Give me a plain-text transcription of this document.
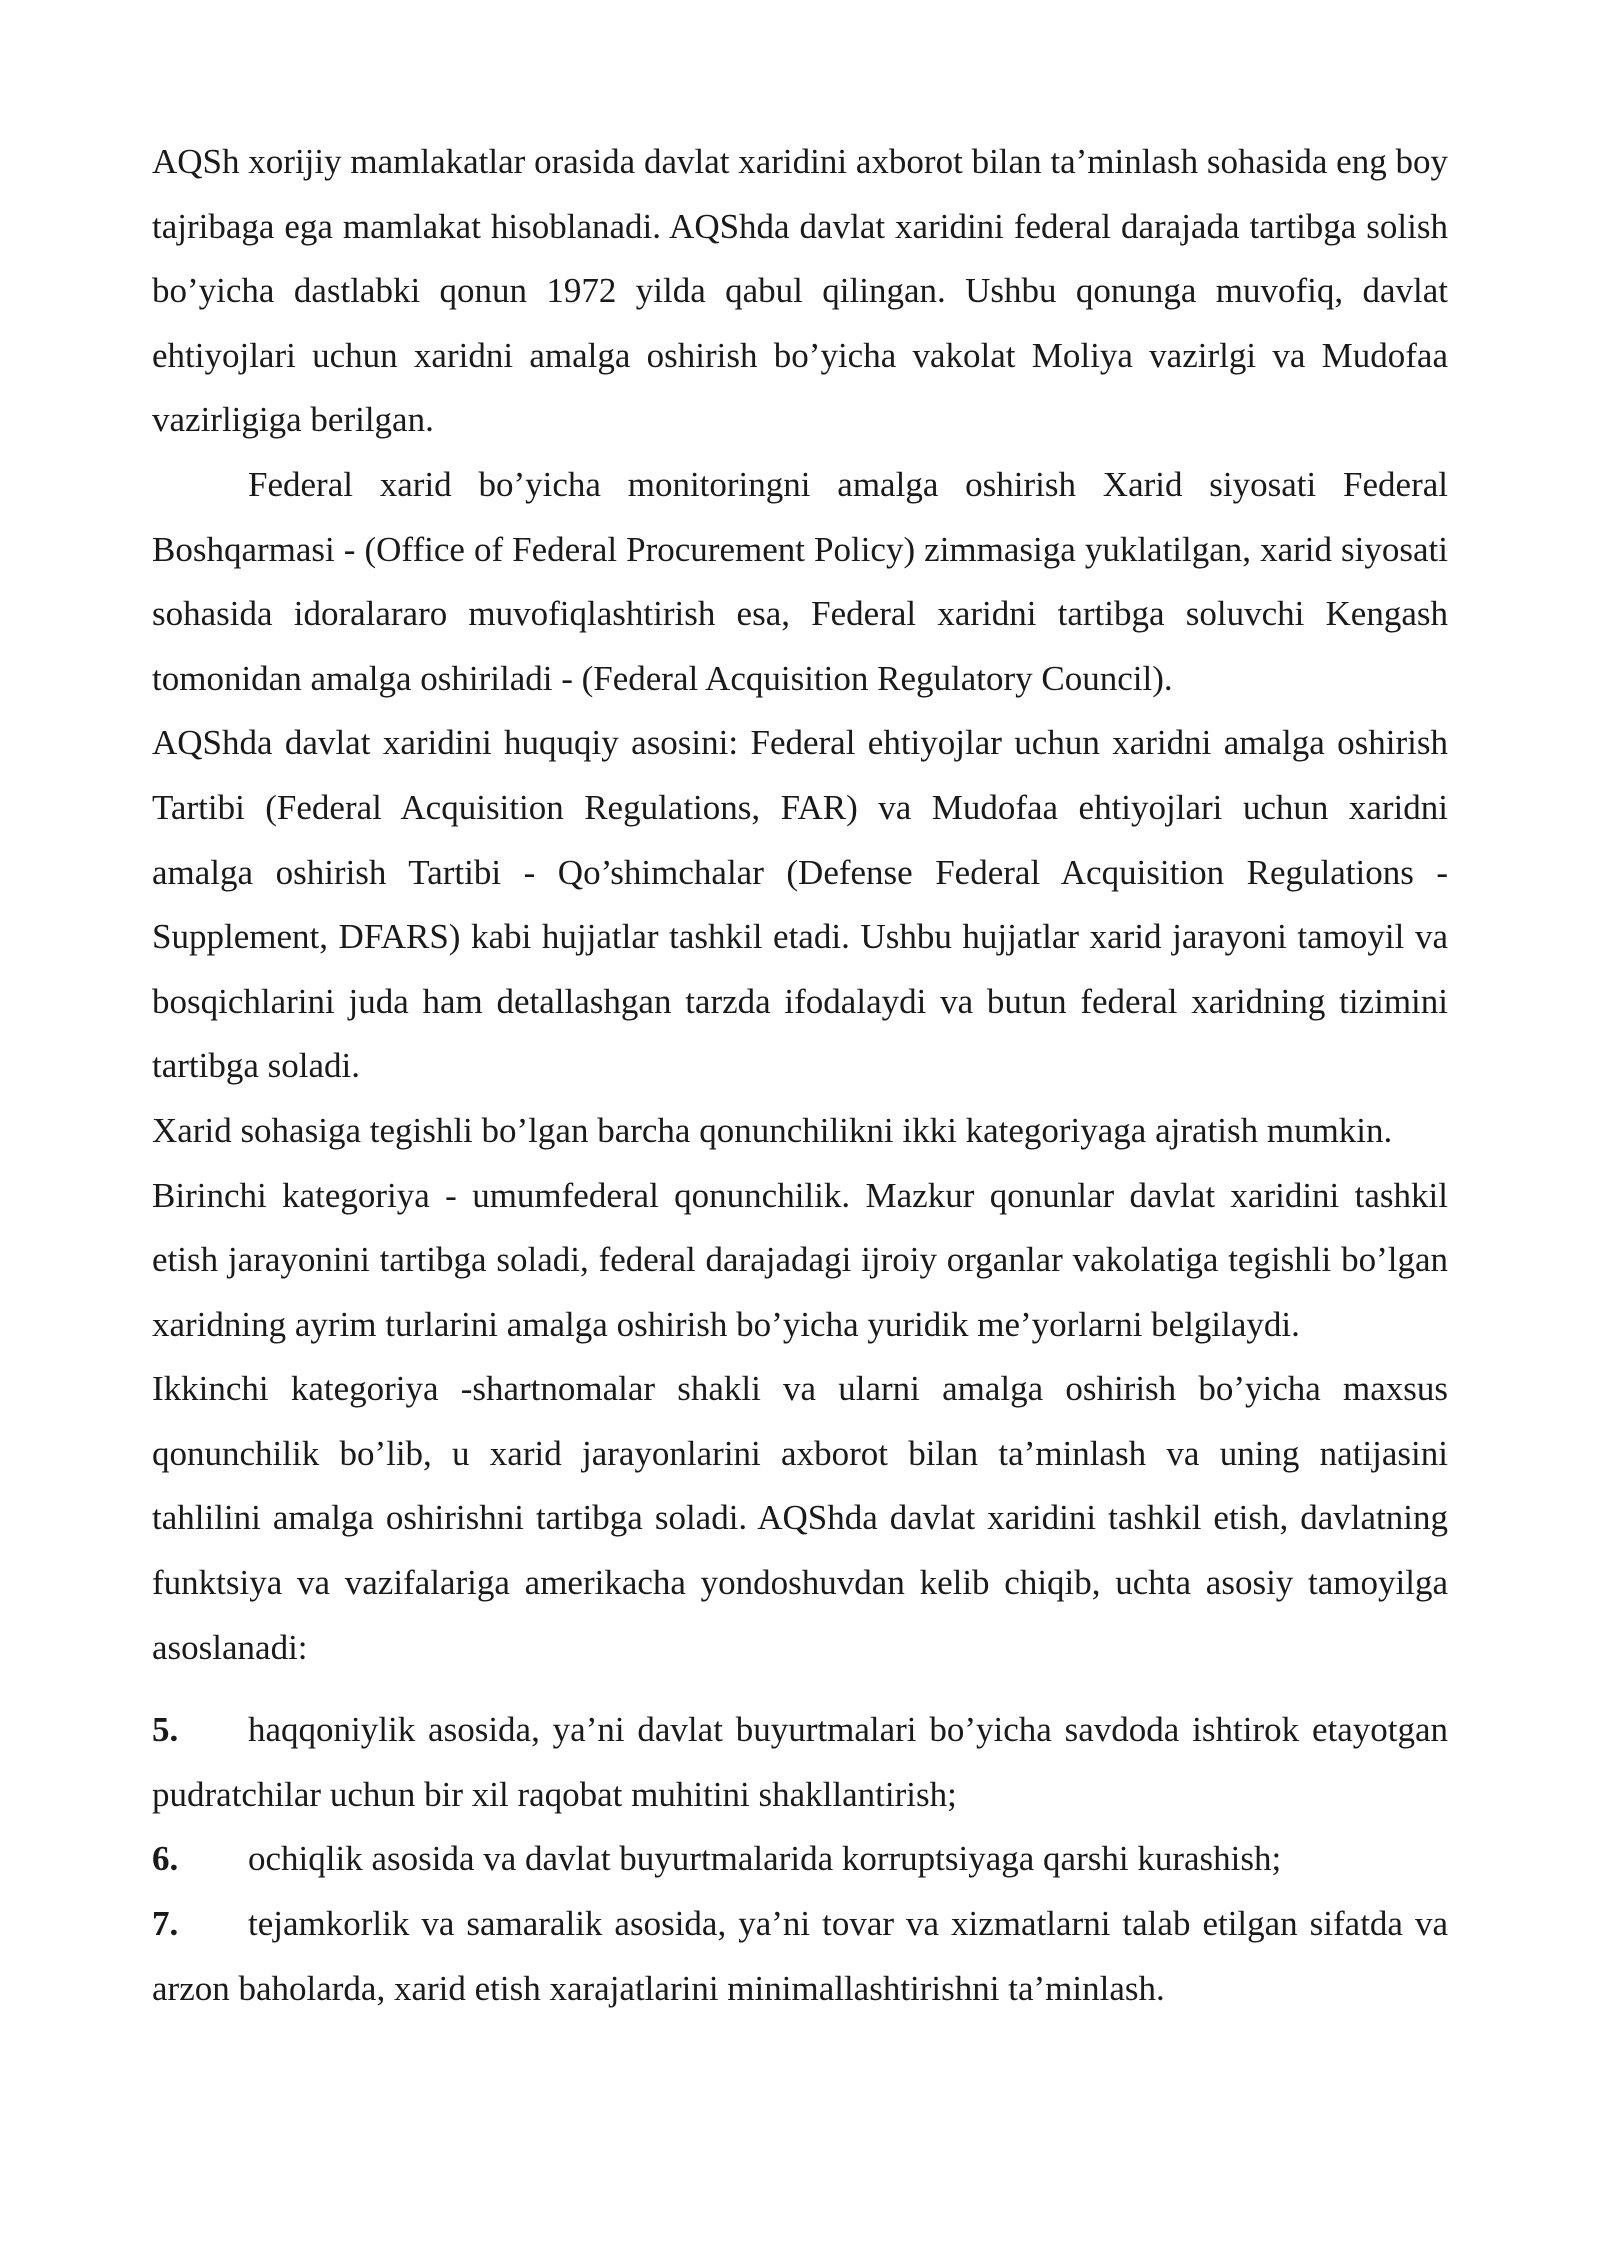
AQSh xorijiy mamlakatlar orasida davlat xaridini axborot bilan ta’minlash sohasida eng boy tajribaga ega mamlakat hisoblanadi. AQShda davlat xaridini federal darajada tartibga solish bo’yicha dastlabki qonun 1972 yilda qabul qilingan. Ushbu qonunga muvofiq, davlat ehtiyojlari uchun xaridni amalga oshirish bo’yicha vakolat Moliya vazirlgi va Mudofaa vazirligiga berilgan.

Federal xarid bo’yicha monitoringni amalga oshirish Xarid siyosati Federal Boshqarmasi - (Office of Federal Procurement Policy) zimmasiga yuklatilgan, xarid siyosati sohasida idoralararo muvofiqlashtirish esa, Federal xaridni tartibga soluvchi Kengash tomonidan amalga oshiriladi - (Federal Acquisition Regulatory Council).

AQShda davlat xaridini huquqiy asosini: Federal ehtiyojlar uchun xaridni amalga oshirish Tartibi (Federal Acquisition Regulations, FAR) va Mudofaa ehtiyojlari uchun xaridni amalga oshirish Tartibi - Qo’shimchalar (Defense Federal Acquisition Regulations - Supplement, DFARS) kabi hujjatlar tashkil etadi. Ushbu hujjatlar xarid jarayoni tamoyil va bosqichlarini juda ham detallashgan tarzda ifodalaydi va butun federal xaridning tizimini tartibga soladi.

Xarid sohasiga tegishli bo’lgan barcha qonunchilikni ikki kategoriyaga ajratish mumkin.

Birinchi kategoriya - umumfederal qonunchilik. Mazkur qonunlar davlat xaridini tashkil etish jarayonini tartibga soladi, federal darajadagi ijroiy organlar vakolatiga tegishli bo’lgan xaridning ayrim turlarini amalga oshirish bo’yicha yuridik me’yorlarni belgilaydi.

Ikkinchi kategoriya -shartnomalar shakli va ularni amalga oshirish bo’yicha maxsus qonunchilik bo’lib, u xarid jarayonlarini axborot bilan ta’minlash va uning natijasini tahlilini amalga oshirishni tartibga soladi. AQShda davlat xaridini tashkil etish, davlatning funktsiya va vazifalariga amerikacha yondoshuvdan kelib chiqib, uchta asosiy tamoyilga asoslanadi:

5. haqqoniylik asosida, ya’ni davlat buyurtmalari bo’yicha savdoda ishtirok etayotgan pudratchilar uchun bir xil raqobat muhitini shakllantirish;

6. ochiqlik asosida va davlat buyurtmalarida korruptsiyaga qarshi kurashish;

7. tejamkorlik va samaralik asosida, ya’ni tovar va xizmatlarni talab etilgan sifatda va arzon baholarda, xarid etish xarajatlarini minimallashtirishni ta’minlash.
